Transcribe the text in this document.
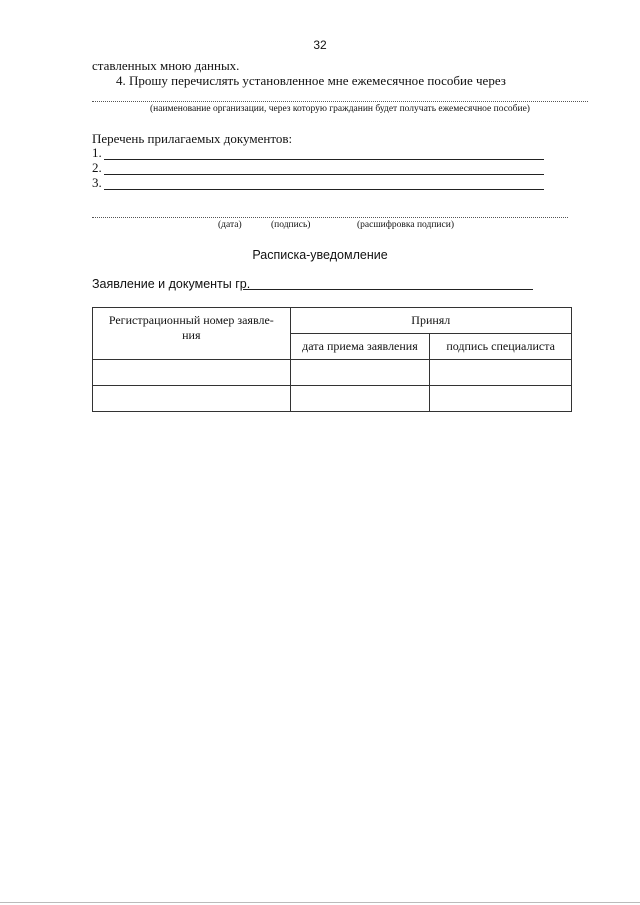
32
ставленных мною данных.
4. Прошу перечислять установленное мне ежемесячное пособие через
(наименование организации, через которую гражданин будет получать ежемесячное пособие)
Перечень прилагаемых документов:
1.
2.
3.
(дата)	(подпись)	(расшифровка подписи)
Расписка-уведомление
Заявление и документы гр.
Регистрационный номер заявле-
ния	Принял	

	дата приема заявления	подпись специалиста
